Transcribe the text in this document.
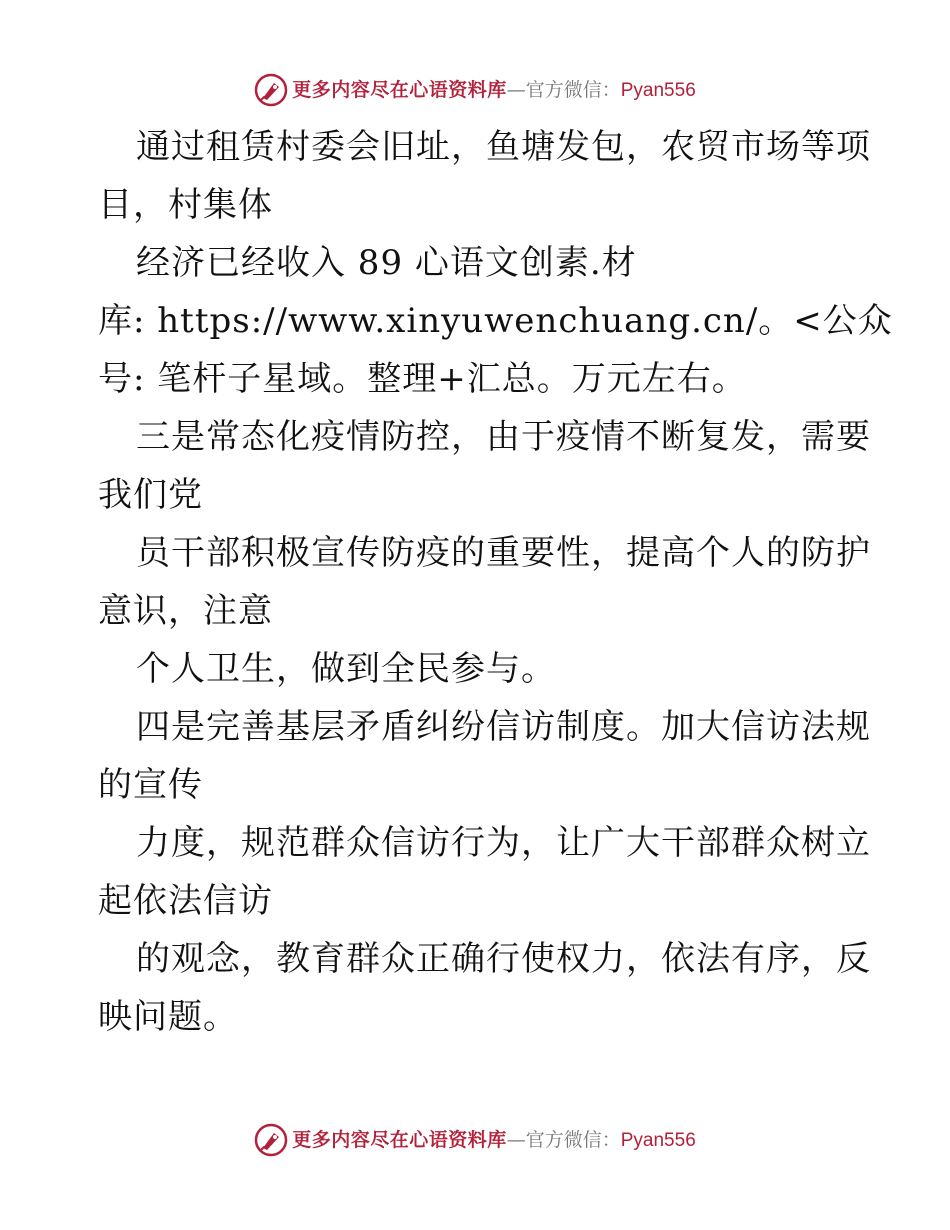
更多内容尽在心语资料库—官方微信：Pyan556
通过租赁村委会旧址，鱼塘发包，农贸市场等项
目，村集体
经济已经收入 89 心语文创素.材
库: https://www.xinyuwenchuang.cn/。<公众
号: 笔杆子星域。整理+汇总。万元左右。
三是常态化疫情防控，由于疫情不断复发，需要
我们党
员干部积极宣传防疫的重要性，提高个人的防护
意识，注意
个人卫生，做到全民参与。
四是完善基层矛盾纠纷信访制度。加大信访法规
的宣传
力度，规范群众信访行为，让广大干部群众树立
起依法信访
的观念，教育群众正确行使权力，依法有序，反
映问题。
更多内容尽在心语资料库—官方微信：Pyan556
